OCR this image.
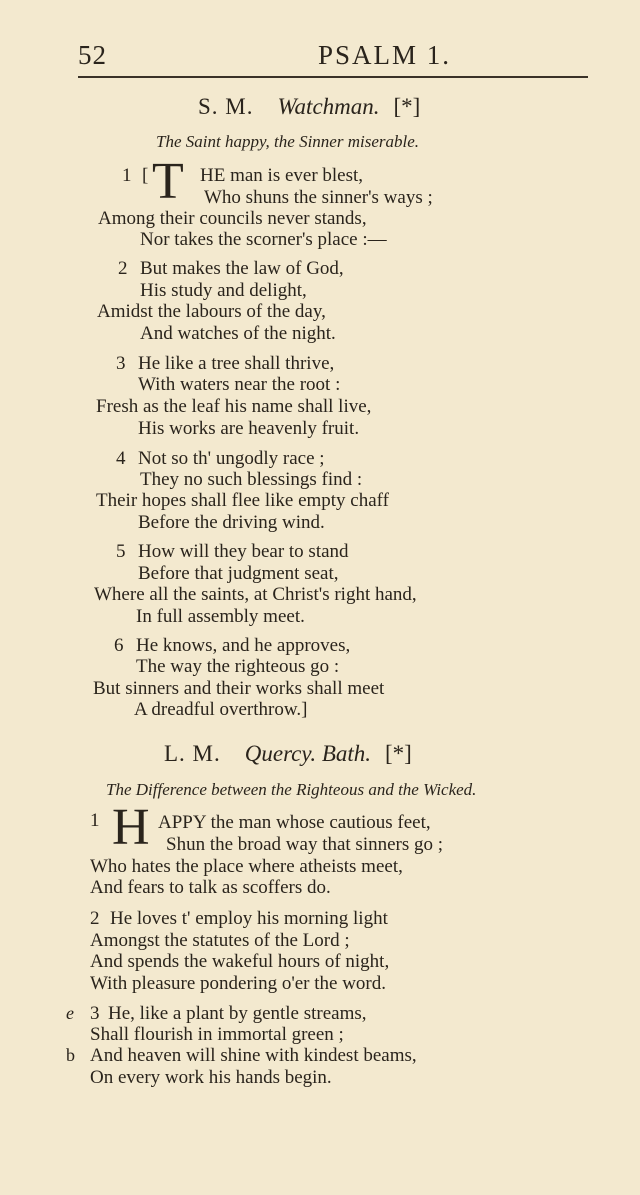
52	PSALM 1.
S. M. Watchman. [*]
The Saint happy, the Sinner miserable.
1 [ T HE man is ever blest,
Who shuns the sinner's ways ;
Among their councils never stands,
Nor takes the scorner's place :—
2 But makes the law of God,
His study and delight,
Amidst the labours of the day,
And watches of the night.
3 He like a tree shall thrive,
With waters near the root :
Fresh as the leaf his name shall live,
His works are heavenly fruit.
4 Not so th' ungodly race ;
They no such blessings find :
Their hopes shall flee like empty chaff
Before the driving wind.
5 How will they bear to stand
Before that judgment seat,
Where all the saints, at Christ's right hand,
In full assembly meet.
6 He knows, and he approves,
The way the righteous go :
But sinners and their works shall meet
A dreadful overthrow.]
L. M. Quercy. Bath. [*]
The Difference between the Righteous and the Wicked.
1 H APPY the man whose cautious feet,
Shun the broad way that sinners go ;
Who hates the place where atheists meet,
And fears to talk as scoffers do.
2 He loves t' employ his morning light
Amongst the statutes of the Lord ;
And spends the wakeful hours of night,
With pleasure pondering o'er the word.
e 3 He, like a plant by gentle streams,
Shall flourish in immortal green ;
b And heaven will shine with kindest beams,
On every work his hands begin.
